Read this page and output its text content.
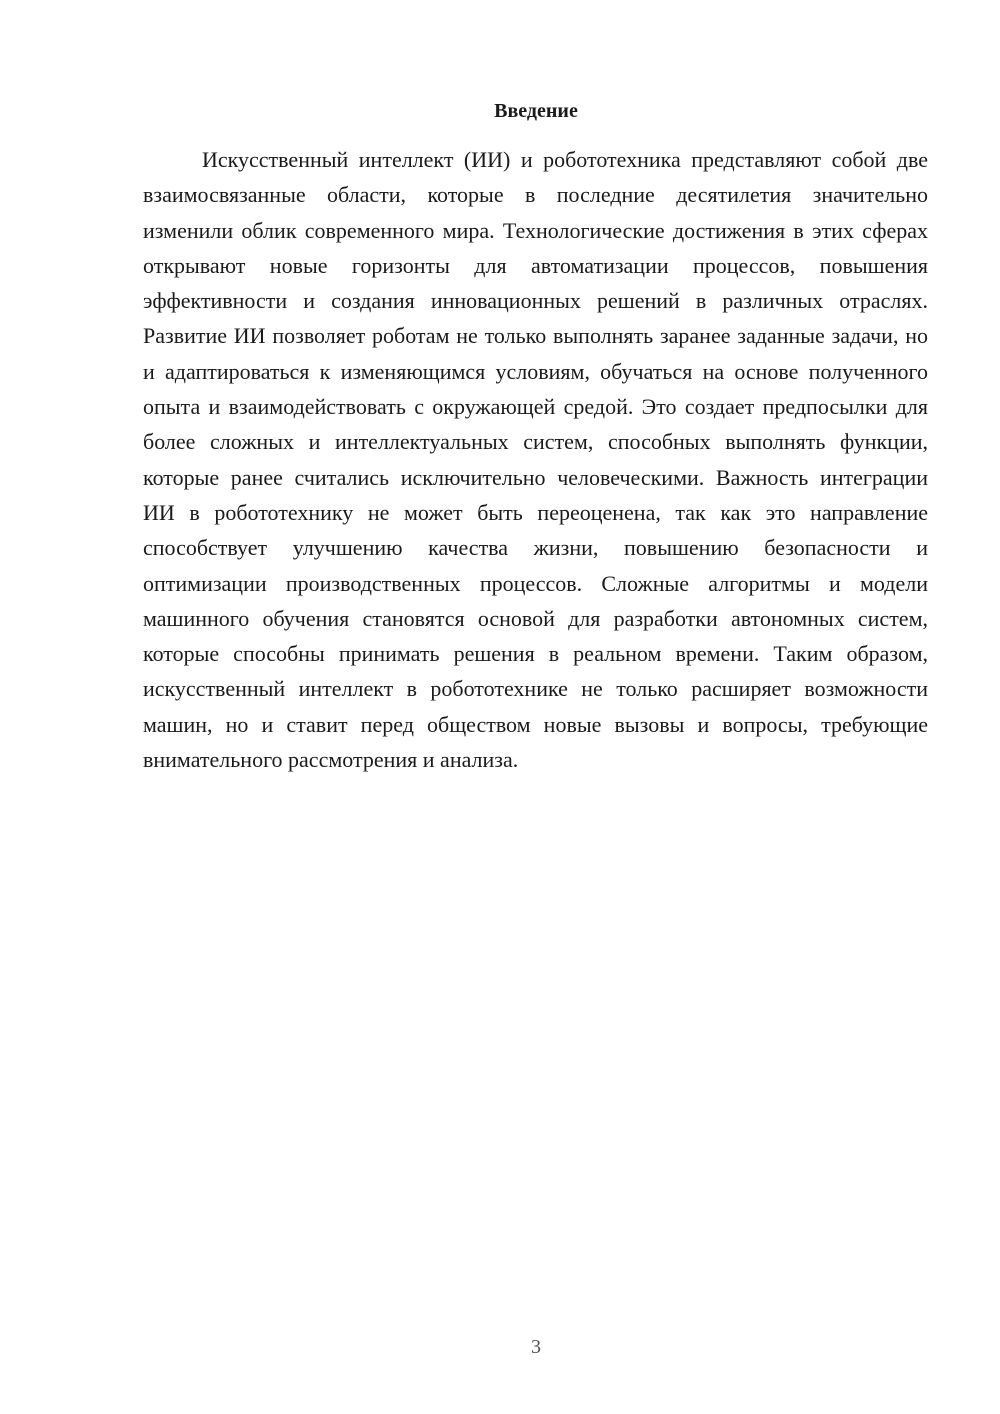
Введение

Искусственный интеллект (ИИ) и робототехника представляют собой две взаимосвязанные области, которые в последние десятилетия значительно изменили облик современного мира. Технологические достижения в этих сферах открывают новые горизонты для автоматизации процессов, повышения эффективности и создания инновационных решений в различных отраслях. Развитие ИИ позволяет роботам не только выполнять заранее заданные задачи, но и адаптироваться к изменяющимся условиям, обучаться на основе полученного опыта и взаимодействовать с окружающей средой. Это создает предпосылки для более сложных и интеллектуальных систем, способных выполнять функции, которые ранее считались исключительно человеческими. Важность интеграции ИИ в робототехнику не может быть переоценена, так как это направление способствует улучшению качества жизни, повышению безопасности и оптимизации производственных процессов. Сложные алгоритмы и модели машинного обучения становятся основой для разработки автономных систем, которые способны принимать решения в реальном времени. Таким образом, искусственный интеллект в робототехнике не только расширяет возможности машин, но и ставит перед обществом новые вызовы и вопросы, требующие внимательного рассмотрения и анализа.

3
